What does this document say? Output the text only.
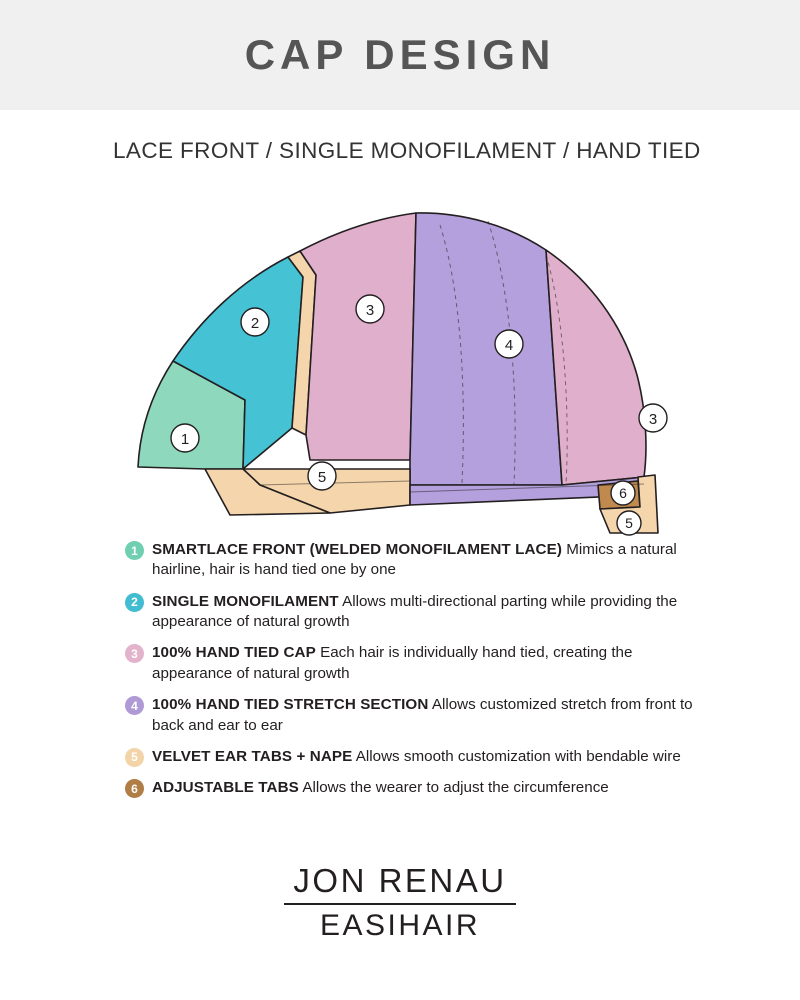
CAP DESIGN
LACE FRONT / SINGLE MONOFILAMENT / HAND TIED
1
2
3
4
3
5
6
5
1 SMARTLACE FRONT (WELDED MONOFILAMENT LACE) Mimics a natural hairline, hair is hand tied one by one
2 SINGLE MONOFILAMENT Allows multi-directional parting while providing the appearance of natural growth
3 100% HAND TIED CAP Each hair is individually hand tied, creating the appearance of natural growth
4 100% HAND TIED STRETCH SECTION Allows customized stretch from front to back and ear to ear
5 VELVET EAR TABS + NAPE Allows smooth customization with bendable wire
6 ADJUSTABLE TABS Allows the wearer to adjust the circumference
JON RENAU
EASIHAIR
